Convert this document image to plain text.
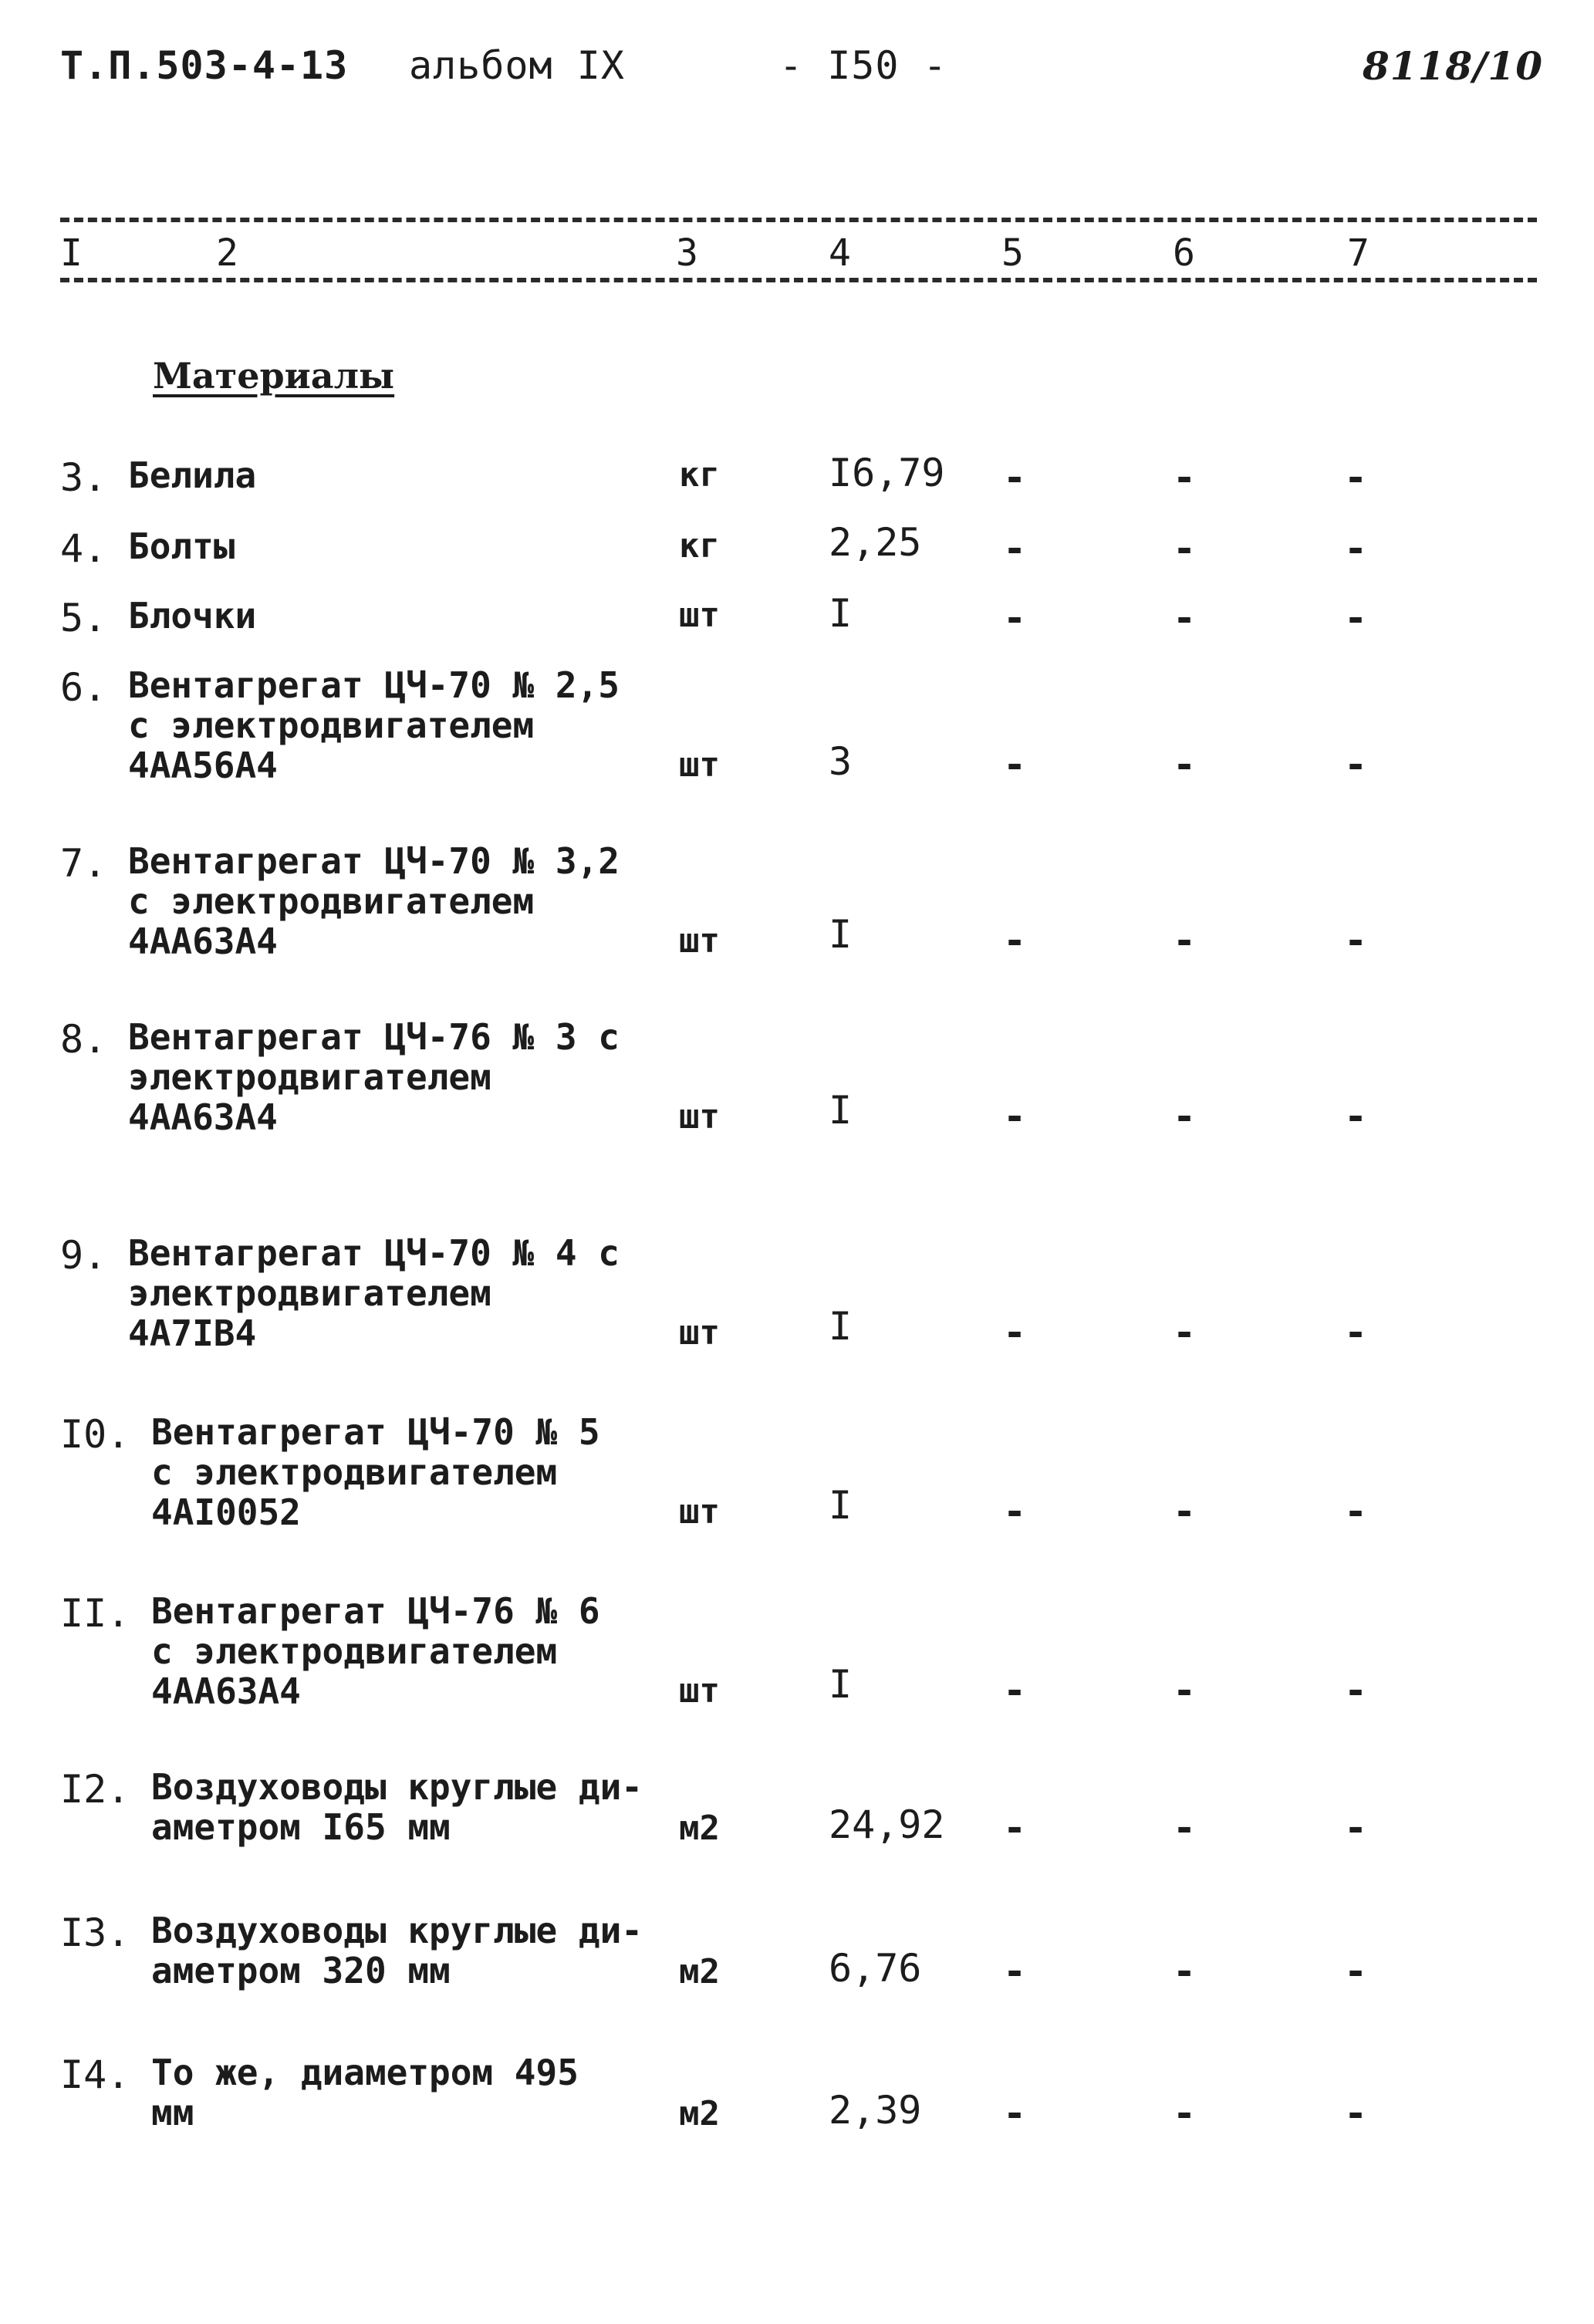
Т.П.503-4-13 альбом IX	- I50 -	8118/10
I	2	3	4	5	6	7
Материалы
3. Белила	кг	I6,79 -	-	-
4. Болты	кг	2,25 -	-	-
5. Блочки	шт	I	-	-	-
6. Вентагрегат ЦЧ-70 № 2,5
с электродвигателем
4АА56А4	шт	3	-	-	-
7. Вентагрегат ЦЧ-70 № 3,2
с электродвигателем
4АА63А4	шт	I	-	-	-
8. Вентагрегат ЦЧ-76 № 3 с
электродвигателем
4АА63А4	шт	I	-	-	-
9. Вентагрегат ЦЧ-70 № 4 с
электродвигателем
4А7IВ4	шт	I	-	-	-
I0. Вентагрегат ЦЧ-70 № 5
с электродвигателем
4АI0052	шт	I	-	-	-
II. Вентагрегат ЦЧ-76 № 6
с электродвигателем
4АА63А4	шт	I	-	-	-
I2. Воздуховоды круглые ди-
аметром I65 мм	м2	24,92 -	-	-
I3. Воздуховоды круглые ди-
аметром 320 мм	м2	6,76 -	-	-
I4. То же, диаметром 495
мм	м2	2,39 -	-	-
